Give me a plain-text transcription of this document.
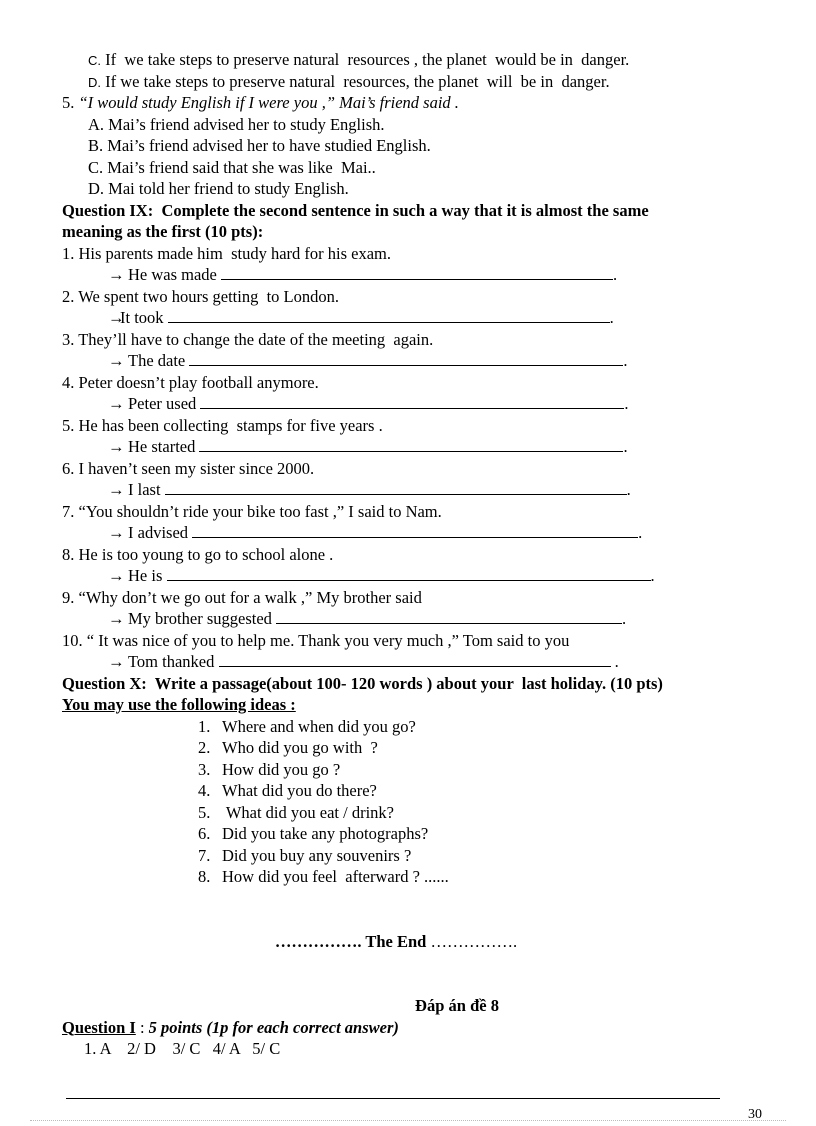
C. If  we take steps to preserve natural  resources , the planet  would be in  danger.
D. If we take steps to preserve natural  resources, the planet  will  be in  danger.
5. “I would study English if I were you ,” Mai’s friend said .
A. Mai’s friend advised her to study English.
B. Mai’s friend advised her to have studied English.
C. Mai’s friend said that she was like  Mai..
D. Mai told her friend to study English.
Question IX:  Complete the second sentence in such a way that it is almost the same
meaning as the first (10 pts):
1. His parents made him  study hard for his exam.
→ He was made	.
2. We spent two hours getting  to London.
→It took	.
3. They’ll have to change the date of the meeting  again.
→ The date	.
4. Peter doesn’t play football anymore.
→ Peter used	.
5. He has been collecting  stamps for five years .
→ He started	.
6. I haven’t seen my sister since 2000.
→ I last	.
7. “You shouldn’t ride your bike too fast ,” I said to Nam.
→ I advised	.
8. He is too young to go to school alone .
→ He is	.
9. “Why don’t we go out for a walk ,” My brother said
→ My brother suggested	.
10. “ It was nice of you to help me. Thank you very much ,” Tom said to you
→ Tom thanked	.
Question X:  Write a passage(about 100- 120 words ) about your  last holiday. (10 pts)
You may use the following ideas :
1. Where and when did you go?
2. Who did you go with  ?
3. How did you go ?
4. What did you do there?
5. What did you eat / drink?
6. Did you take any photographs?
7. Did you buy any souvenirs ?
8. How did you feel  afterward ? ......
……………. The End …………….
Đáp án đề 8
Question I : 5 points (1p for each correct answer)
1. A    2/ D    3/ C   4/ A   5/ C
30
